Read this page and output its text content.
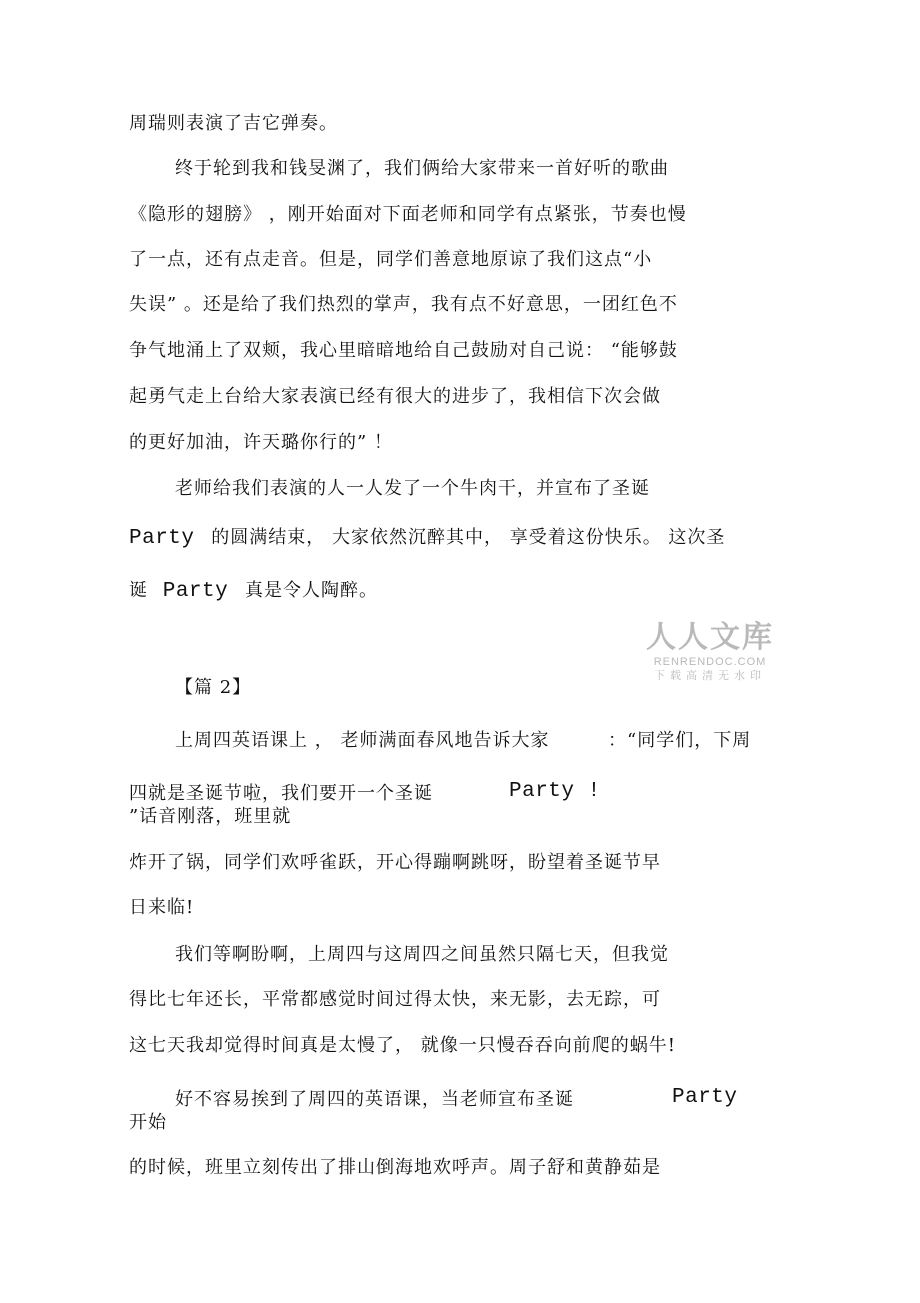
周瑞则表演了吉它弹奏。
终于轮到我和钱旻渊了，我们俩给大家带来一首好听的歌曲
《隐形的翅膀》 ，刚开始面对下面老师和同学有点紧张，节奏也慢
了一点，还有点走音。但是，同学们善意地原谅了我们这点“小
失误” 。还是给了我们热烈的掌声，我有点不好意思，一团红色不
争气地涌上了双颊，我心里暗暗地给自己鼓励对自己说： “能够鼓
起勇气走上台给大家表演已经有很大的进步了，我相信下次会做
的更好加油，许天璐你行的” ！
老师给我们表演的人一人发了一个牛肉干，并宣布了圣诞
Party 的圆满结束， 大家依然沉醉其中， 享受着这份快乐。 这次圣
诞 Party 真是令人陶醉。
人人文库
RENRENDOC.COM
下载高清无水印
【篇 2】
上周四英语课上 ， 老师满面春风地告诉大家	：“同学们，下周
四就是圣诞节啦，我们要开一个圣诞	Party !
”话音刚落，班里就
炸开了锅，同学们欢呼雀跃，开心得蹦啊跳呀，盼望着圣诞节早
日来临!
我们等啊盼啊，上周四与这周四之间虽然只隔七天，但我觉
得比七年还长，平常都感觉时间过得太快，来无影，去无踪，可
这七天我却觉得时间真是太慢了， 就像一只慢吞吞向前爬的蜗牛!
好不容易挨到了周四的英语课，当老师宣布圣诞	Party
开始
的时候，班里立刻传出了排山倒海地欢呼声。周子舒和黄静茹是
